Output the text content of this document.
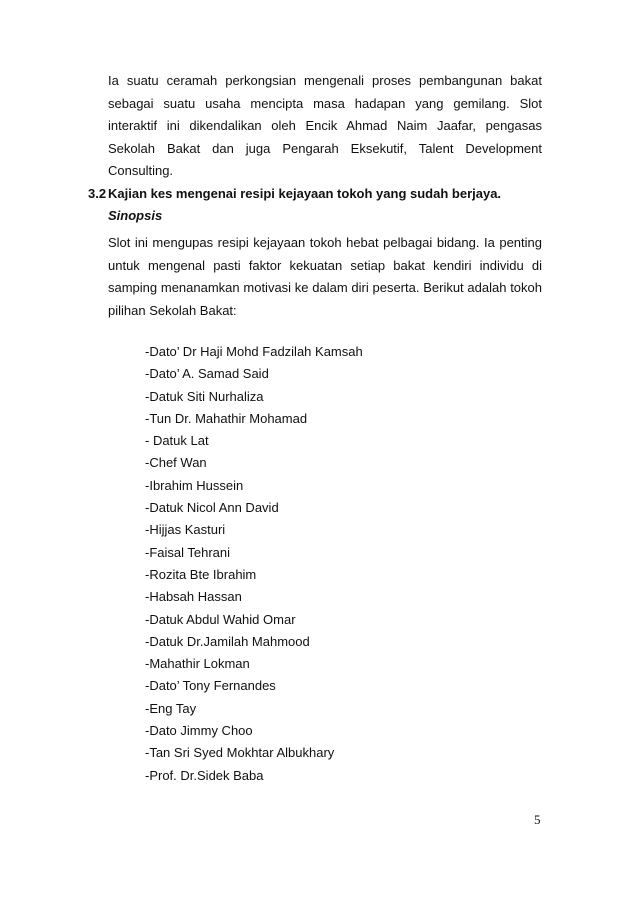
Ia suatu ceramah perkongsian mengenali proses pembangunan bakat sebagai suatu usaha mencipta masa hadapan yang gemilang. Slot interaktif ini dikendalikan oleh Encik Ahmad Naim Jaafar, pengasas Sekolah Bakat dan juga Pengarah Eksekutif, Talent Development Consulting.

3.2 Kajian kes mengenai resipi kejayaan tokoh yang sudah berjaya.

Sinopsis

Slot ini mengupas resipi kejayaan tokoh hebat pelbagai bidang. Ia penting untuk mengenal pasti faktor kekuatan setiap bakat kendiri individu di samping menanamkan motivasi ke dalam diri peserta. Berikut adalah tokoh pilihan Sekolah Bakat:

-Dato’ Dr Haji Mohd Fadzilah Kamsah
-Dato’ A. Samad Said
-Datuk Siti Nurhaliza
-Tun Dr. Mahathir Mohamad
- Datuk Lat
-Chef Wan
-Ibrahim Hussein
-Datuk Nicol Ann David
-Hijjas Kasturi
-Faisal Tehrani
-Rozita Bte Ibrahim
-Habsah Hassan
-Datuk Abdul Wahid Omar
-Datuk Dr.Jamilah Mahmood
-Mahathir Lokman
-Dato’ Tony Fernandes
-Eng Tay
-Dato Jimmy Choo
-Tan Sri Syed Mokhtar Albukhary
-Prof. Dr.Sidek Baba

5
